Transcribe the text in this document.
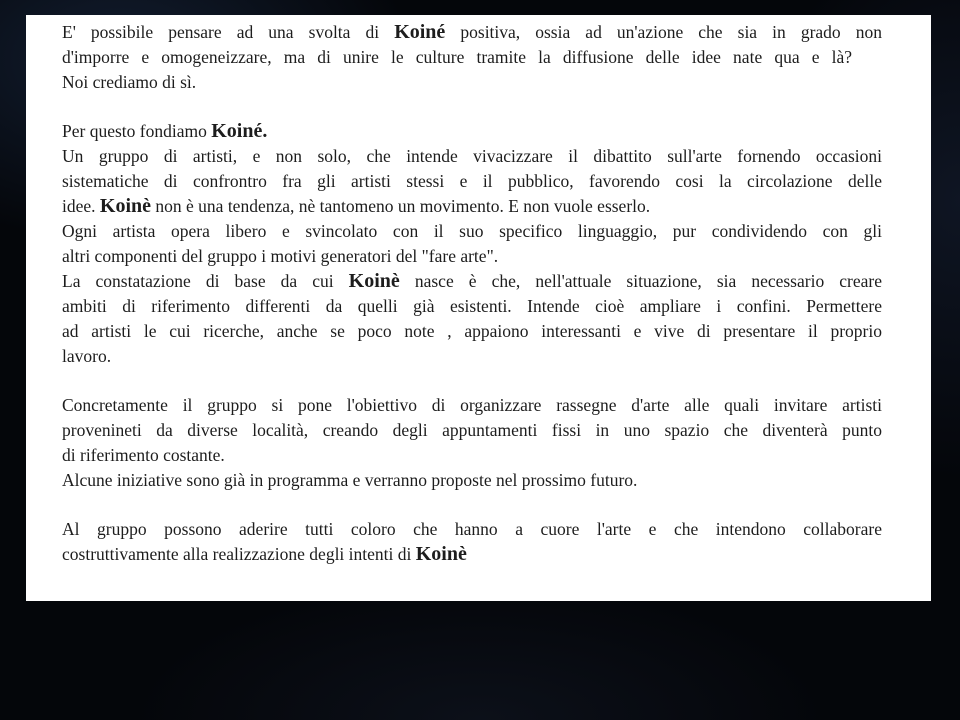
E' possibile pensare ad una svolta di Koiné positiva, ossia ad un'azione che sia in grado non
d'imporre e omogeneizzare, ma di unire le culture tramite la diffusione delle idee nate qua e là?
Noi crediamo di sì.
Per questo fondiamo Koiné.
Un gruppo di artisti, e non solo, che intende vivacizzare il dibattito sull'arte fornendo occasioni
sistematiche di confrontro fra gli artisti stessi e il pubblico, favorendo cosi la circolazione delle
idee. Koinè non è una tendenza, nè tantomeno un movimento. E non vuole esserlo.
Ogni artista opera libero e svincolato con il suo specifico linguaggio, pur condividendo con gli
altri componenti del gruppo i motivi generatori del "fare arte".
La constatazione di base da cui Koinè nasce è che, nell'attuale situazione, sia necessario creare
ambiti di riferimento differenti da quelli già esistenti. Intende cioè ampliare i confini. Permettere
ad artisti le cui ricerche, anche se poco note , appaiono interessanti e vive di presentare il proprio
lavoro.
Concretamente il gruppo si pone l'obiettivo di organizzare rassegne d'arte alle quali invitare artisti
provenineti da diverse località, creando degli appuntamenti fissi in uno spazio che diventerà punto
di riferimento costante.
Alcune iniziative sono già in programma e verranno proposte nel prossimo futuro.
Al gruppo possono aderire tutti coloro che hanno a cuore l'arte e che intendono collaborare
costruttivamente alla realizzazione degli intenti di Koinè
